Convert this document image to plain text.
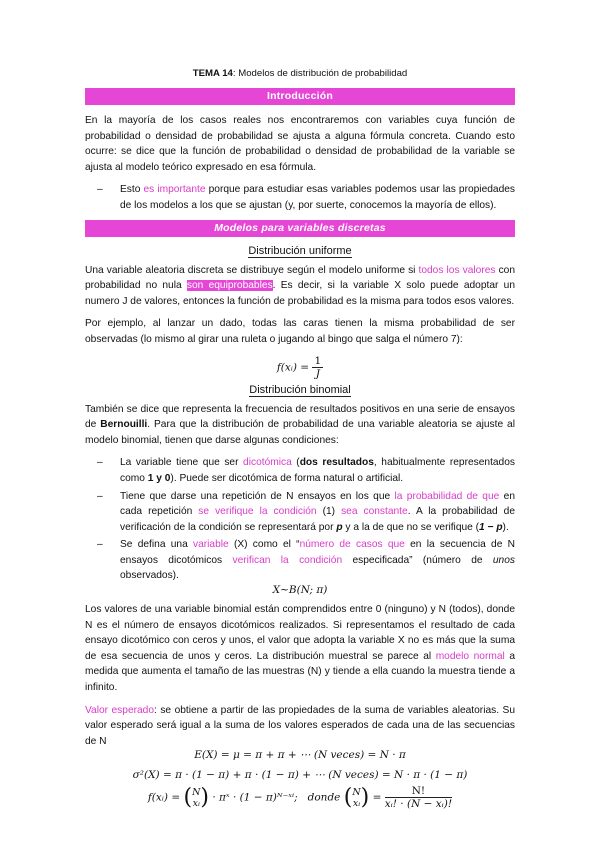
TEMA 14: Modelos de distribución de probabilidad
Introducción
En la mayoría de los casos reales nos encontraremos con variables cuya función de probabilidad o densidad de probabilidad se ajusta a alguna fórmula concreta. Cuando esto ocurre: se dice que la función de probabilidad o densidad de probabilidad de la variable se ajusta al modelo teórico expresado en esa fórmula.
– Esto es importante porque para estudiar esas variables podemos usar las propiedades de los modelos a los que se ajustan (y, por suerte, conocemos la mayoría de ellos).
Modelos para variables discretas
Distribución uniforme
Una variable aleatoria discreta se distribuye según el modelo uniforme si todos los valores con probabilidad no nula son equiprobables. Es decir, si la variable X solo puede adoptar un numero J de valores, entonces la función de probabilidad es la misma para todos esos valores.
Por ejemplo, al lanzar un dado, todas las caras tienen la misma probabilidad de ser observadas (lo mismo al girar una ruleta o jugando al bingo que salga el número 7):
f(xᵢ) = $\frac{1}{J}$
Distribución binomial
También se dice que representa la frecuencia de resultados positivos en una serie de ensayos de Bernouilli. Para que la distribución de probabilidad de una variable aleatoria se ajuste al modelo binomial, tienen que darse algunas condiciones:
– La variable tiene que ser dicotómica (dos resultados, habitualmente representados como 1 y 0). Puede ser dicotómica de forma natural o artificial.
– Tiene que darse una repetición de N ensayos en los que la probabilidad de que en cada repetición se verifique la condición (1) sea constante. A la probabilidad de verificación de la condición se representará por p y a la de que no se verifique (1 − p).
– Se defina una variable (X) como el “número de casos que en la secuencia de N ensayos dicotómicos verifican la condición especificada” (número de unos observados).
X∼B(N; π)
Los valores de una variable binomial están comprendidos entre 0 (ninguno) y N (todos), donde N es el número de ensayos dicotómicos realizados. Si representamos el resultado de cada ensayo dicotómico con ceros y unos, el valor que adopta la variable X no es más que la suma de esa secuencia de unos y ceros. La distribución muestral se parece al modelo normal a medida que aumenta el tamaño de las muestras (N) y tiende a ella cuando la muestra tiende a infinito.
Valor esperado: se obtiene a partir de las propiedades de la suma de variables aleatorias. Su valor esperado será igual a la suma de los valores esperados de cada una de las secuencias de N
E(X) = μ = π + π + ⋯ (N veces) = N · π
σ²(X) = π · (1 − π) + π · (1 − π) + ⋯ (N veces) = N · π · (1 − π)
f(xᵢ) = ( N
xᵢ ) · πˣ · (1 − π)ᴺ⁻ˣⁱ; donde ( N
xᵢ ) = $\frac{N!}{\text{xᵢ! · (N − xᵢ)!}}$
